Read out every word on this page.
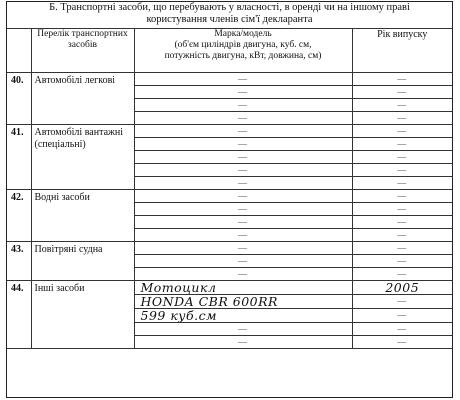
Б. Транспортні засоби, що перебувають у власності, в оренді чи на іншому праві
користування членів сім'ї декларанта
	Перелік транспортних засобів	Марка/модель
(об'єм циліндрів двигуна, куб. см,
потужність двигуна, кВт, довжина, см)	Рік випуску
40.	Автомобілі легкові	—	—

		—	—

		—	—

		—	—

41.	Автомобілі вантажні (спеціальні)	—	—

		—	—

		—	—

		—	—

		—	—

42.	Водні засоби	—	—

		—	—

		—	—

		—	—

43.	Повітряні судна	—	—

		—	—

		—	—

44.	Інші засоби	Мотоцикл	2005

		HONDA CBR 600RR	—

		599 куб.см	—

		—	—

		—	—
